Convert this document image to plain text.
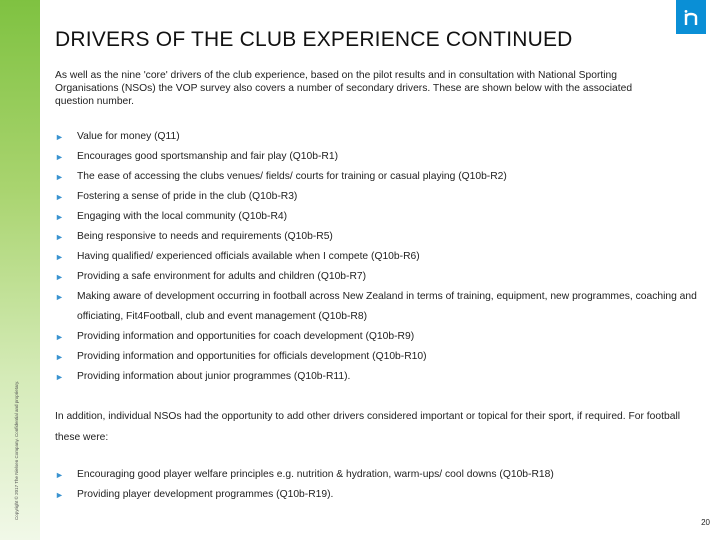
Copyright © 2017 The Nielsen Company. Confidential and proprietary.
DRIVERS OF THE CLUB EXPERIENCE CONTINUED
As well as the nine 'core' drivers of the club experience, based on the pilot results and in consultation with National Sporting Organisations (NSOs) the VOP survey also covers a number of secondary drivers. These are shown below with the associated question number.
► Value for money (Q11)
► Encourages good sportsmanship and fair play (Q10b-R1)
► The ease of accessing the clubs venues/ fields/ courts for training or casual playing (Q10b-R2)
► Fostering a sense of pride in the club (Q10b-R3)
► Engaging with the local community (Q10b-R4)
► Being responsive to needs and requirements (Q10b-R5)
► Having qualified/ experienced officials available when I compete (Q10b-R6)
► Providing a safe environment for adults and children (Q10b-R7)
► Making aware of development occurring in football across New Zealand in terms of training, equipment, new programmes, coaching and officiating, Fit4Football, club and event management (Q10b-R8)
► Providing information and opportunities for coach development (Q10b-R9)
► Providing information and opportunities for officials development (Q10b-R10)
► Providing information about junior programmes (Q10b-R11).
In addition, individual NSOs had the opportunity to add other drivers considered important or topical for their sport, if required. For football these were:
► Encouraging good player welfare principles e.g. nutrition & hydration, warm-ups/ cool downs (Q10b-R18)
► Providing player development programmes (Q10b-R19).
20
